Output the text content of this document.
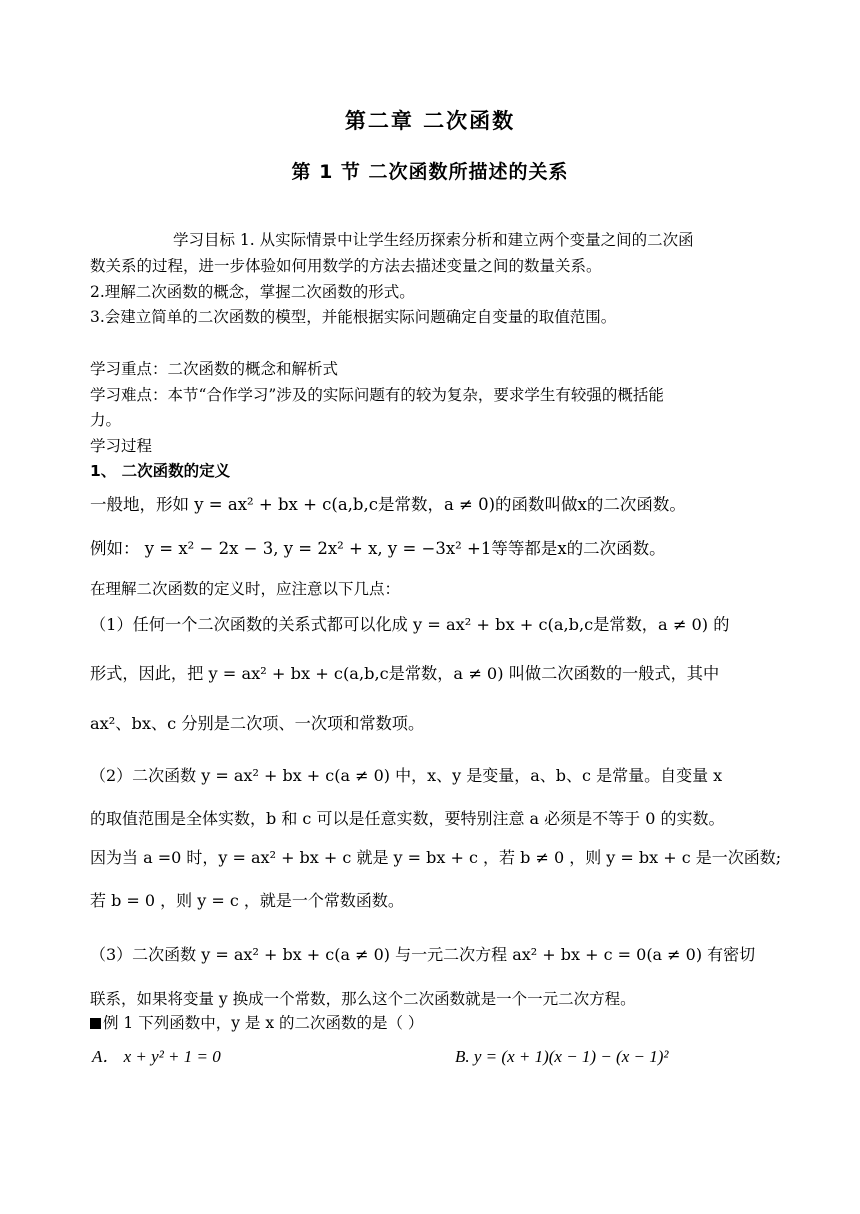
第二章 二次函数
第 1 节 二次函数所描述的关系
学习目标 1. 从实际情景中让学生经历探索分析和建立两个变量之间的二次函
数关系的过程，进一步体验如何用数学的方法去描述变量之间的数量关系。
2.理解二次函数的概念，掌握二次函数的形式。
3.会建立简单的二次函数的模型，并能根据实际问题确定自变量的取值范围。
学习重点：二次函数的概念和解析式
学习难点：本节“合作学习”涉及的实际问题有的较为复杂，要求学生有较强的概括能
力。
学习过程
1、 二次函数的定义
一般地，形如 y = ax² + bx + c(a,b,c是常数，a ≠ 0)的函数叫做x的二次函数。
例如： y = x² − 2x − 3, y = 2x² + x, y = −3x² +1等等都是x的二次函数。
在理解二次函数的定义时，应注意以下几点：
（1）任何一个二次函数的关系式都可以化成 y = ax² + bx + c(a,b,c是常数，a ≠ 0) 的
形式，因此，把 y = ax² + bx + c(a,b,c是常数，a ≠ 0) 叫做二次函数的一般式，其中
ax²、bx、c 分别是二次项、一次项和常数项。
（2）二次函数 y = ax² + bx + c(a ≠ 0) 中，x、y 是变量，a、b、c 是常量。自变量 x
的取值范围是全体实数，b 和 c 可以是任意实数，要特别注意 a 必须是不等于 0 的实数。
因为当 a =0 时，y = ax² + bx + c 就是 y = bx + c ，若 b ≠ 0 ，则 y = bx + c 是一次函数;
若 b = 0 ，则 y = c ，就是一个常数函数。
（3）二次函数 y = ax² + bx + c(a ≠ 0) 与一元二次方程 ax² + bx + c = 0(a ≠ 0) 有密切
联系，如果将变量 y 换成一个常数，那么这个二次函数就是一个一元二次方程。
例 1 下列函数中，y 是 x 的二次函数的是（ ）
A． x + y² + 1 = 0	B. y = (x + 1)(x − 1) − (x − 1)²
